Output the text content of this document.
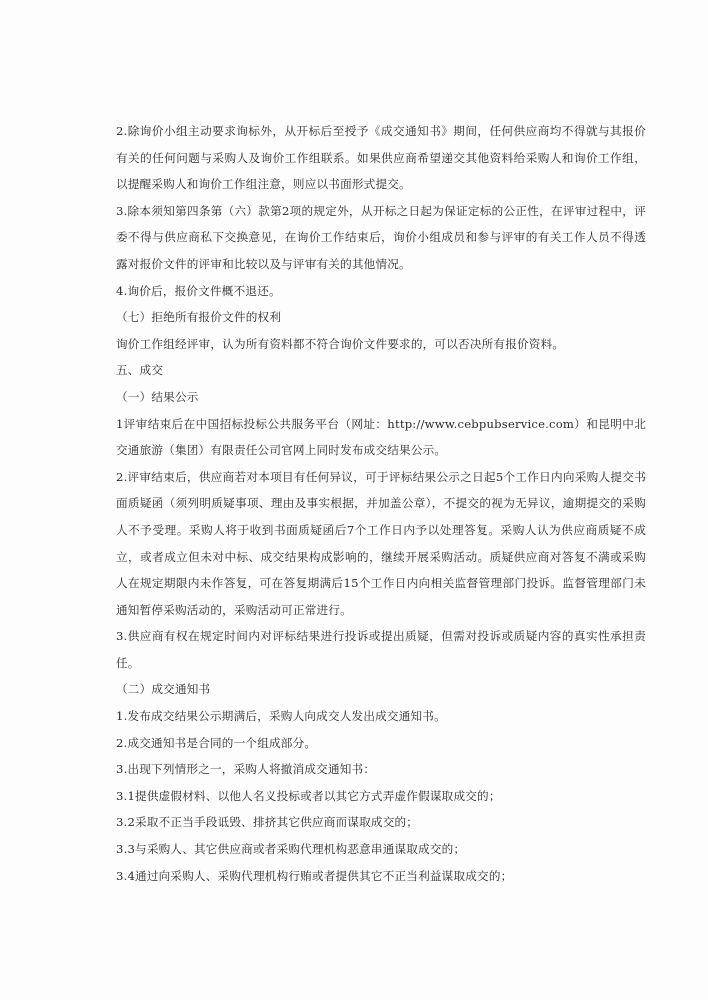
2.除询价小组主动要求询标外，从开标后至授予《成交通知书》期间，任何供应商均不得就与其报价有关的任何问题与采购人及询价工作组联系。如果供应商希望递交其他资料给采购人和询价工作组，以提醒采购人和询价工作组注意，则应以书面形式提交。

3.除本须知第四条第（六）款第2项的规定外，从开标之日起为保证定标的公正性，在评审过程中，评委不得与供应商私下交换意见，在询价工作结束后，询价小组成员和参与评审的有关工作人员不得透露对报价文件的评审和比较以及与评审有关的其他情况。

4.询价后，报价文件概不退还。

（七）拒绝所有报价文件的权利

询价工作组经评审，认为所有资料都不符合询价文件要求的，可以否决所有报价资料。

五、成交

（一）结果公示

1评审结束后在中国招标投标公共服务平台（网址：http://www.cebpubservice.com）和昆明中北交通旅游（集团）有限责任公司官网上同时发布成交结果公示。

2.评审结束后，供应商若对本项目有任何异议，可于评标结果公示之日起5个工作日内向采购人提交书面质疑函（须列明质疑事项、理由及事实根据，并加盖公章），不提交的视为无异议，逾期提交的采购人不予受理。采购人将于收到书面质疑函后7个工作日内予以处理答复。采购人认为供应商质疑不成立，或者成立但未对中标、成交结果构成影响的，继续开展采购活动。质疑供应商对答复不满或采购人在规定期限内未作答复，可在答复期满后15个工作日内向相关监督管理部门投诉。监督管理部门未通知暂停采购活动的，采购活动可正常进行。

3.供应商有权在规定时间内对评标结果进行投诉或提出质疑，但需对投诉或质疑内容的真实性承担责任。

（二）成交通知书

1.发布成交结果公示期满后，采购人向成交人发出成交通知书。

2.成交通知书是合同的一个组成部分。

3.出现下列情形之一，采购人将撤消成交通知书：

3.1提供虚假材料、以他人名义投标或者以其它方式弄虚作假谋取成交的；

3.2采取不正当手段诋毁、排挤其它供应商而谋取成交的；

3.3与采购人、其它供应商或者采购代理机构恶意串通谋取成交的；

3.4通过向采购人、采购代理机构行贿或者提供其它不正当利益谋取成交的；
